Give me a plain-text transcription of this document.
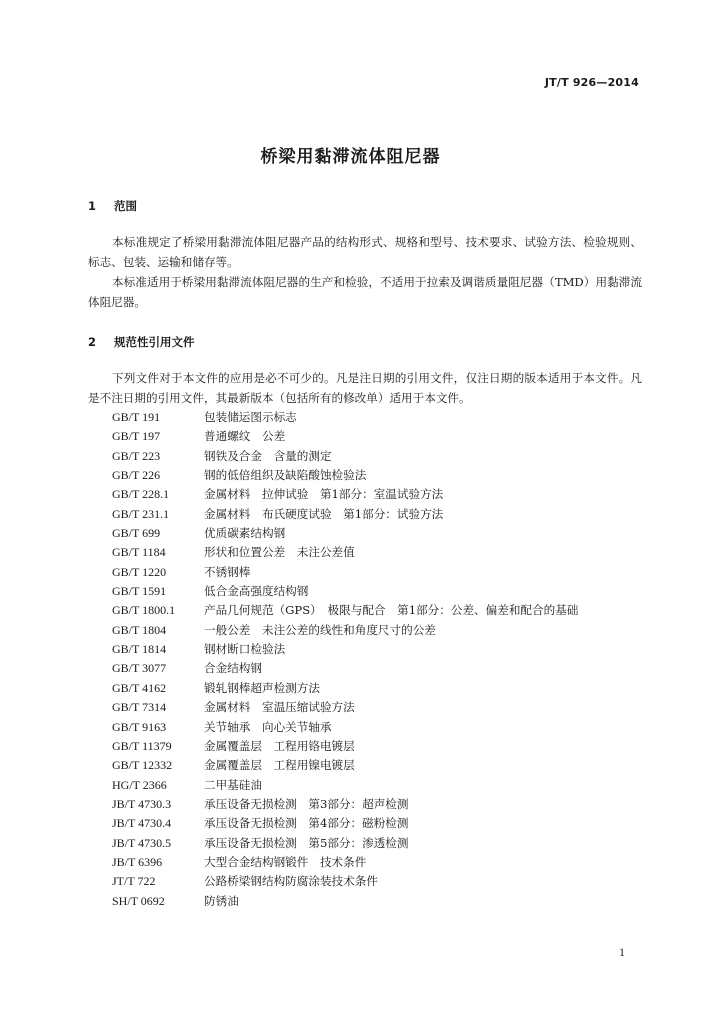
JT/T 926—2014
桥梁用黏滞流体阻尼器
1 范围
本标准规定了桥梁用黏滞流体阻尼器产品的结构形式、规格和型号、技术要求、试验方法、检验规则、标志、包装、运输和储存等。
本标准适用于桥梁用黏滞流体阻尼器的生产和检验，不适用于拉索及调谐质量阻尼器（TMD）用黏滞流体阻尼器。
2 规范性引用文件
下列文件对于本文件的应用是必不可少的。凡是注日期的引用文件，仅注日期的版本适用于本文件。凡是不注日期的引用文件，其最新版本（包括所有的修改单）适用于本文件。
GB/T 191	包装储运图示标志
GB/T 197	普通螺纹　公差
GB/T 223	钢铁及合金　含量的测定
GB/T 226	钢的低倍组织及缺陷酸蚀检验法
GB/T 228.1	金属材料　拉伸试验　第1部分：室温试验方法
GB/T 231.1	金属材料　布氏硬度试验　第1部分：试验方法
GB/T 699	优质碳素结构钢
GB/T 1184	形状和位置公差　未注公差值
GB/T 1220	不锈钢棒
GB/T 1591	低合金高强度结构钢
GB/T 1800.1 产品几何规范（GPS）　极限与配合　第1部分：公差、偏差和配合的基础
GB/T 1804	一般公差　未注公差的线性和角度尺寸的公差
GB/T 1814	钢材断口检验法
GB/T 3077	合金结构钢
GB/T 4162	锻轧钢棒超声检测方法
GB/T 7314	金属材料　室温压缩试验方法
GB/T 9163	关节轴承　向心关节轴承
GB/T 11379	金属覆盖层　工程用铬电镀层
GB/T 12332	金属覆盖层　工程用镍电镀层
HG/T 2366	二甲基硅油
JB/T 4730.3	承压设备无损检测　第3部分：超声检测
JB/T 4730.4	承压设备无损检测　第4部分：磁粉检测
JB/T 4730.5	承压设备无损检测　第5部分：渗透检测
JB/T 6396	大型合金结构钢锻件　技术条件
JT/T 722	公路桥梁钢结构防腐涂装技术条件
SH/T 0692	防锈油
1
